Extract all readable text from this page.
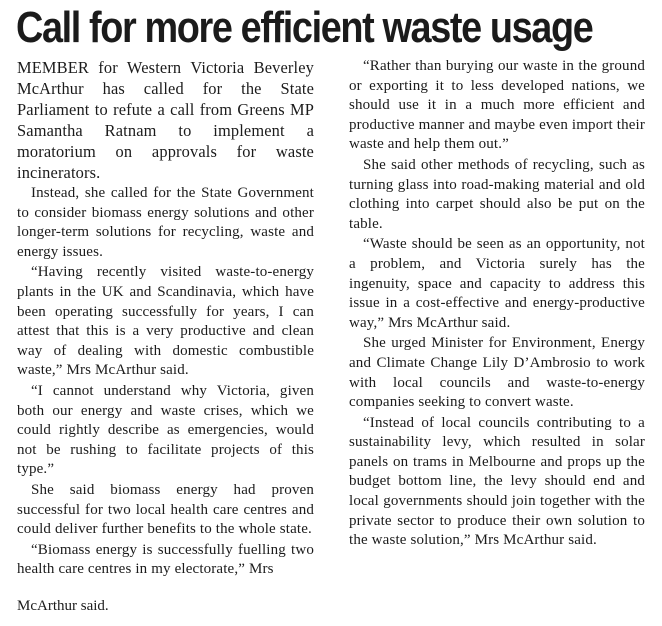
Call for more efficient waste usage

MEMBER for Western Victoria Beverley McArthur has called for the State Parliament to refute a call from Greens MP Samantha Ratnam to implement a moratorium on approvals for waste incinerators.

Instead, she called for the State Government to consider biomass energy solutions and other longer-term solutions for recycling, waste and energy issues.

“Having recently visited waste-to-energy plants in the UK and Scandinavia, which have been operating successfully for years, I can attest that this is a very productive and clean way of dealing with domestic combustible waste,” Mrs McArthur said.

“I cannot understand why Victoria, given both our energy and waste crises, which we could rightly describe as emergencies, would not be rushing to facilitate projects of this type.”

She said biomass energy had proven successful for two local health care centres and could deliver further benefits to the whole state.

“Biomass energy is successfully fuelling two health care centres in my electorate,” Mrs

McArthur said.

“Rather than burying our waste in the ground or exporting it to less developed nations, we should use it in a much more efficient and productive manner and maybe even import their waste and help them out.”

She said other methods of recycling, such as turning glass into road-making material and old clothing into carpet should also be put on the table.

“Waste should be seen as an opportunity, not a problem, and Victoria surely has the ingenuity, space and capacity to address this issue in a cost-effective and energy-productive way,” Mrs McArthur said.

She urged Minister for Environment, Energy and Climate Change Lily D’Ambrosio to work with local councils and waste-to-energy companies seeking to convert waste.

“Instead of local councils contributing to a sustainability levy, which resulted in solar panels on trams in Melbourne and props up the budget bottom line, the levy should end and local governments should join together with the private sector to produce their own solution to the waste solution,” Mrs McArthur said.
